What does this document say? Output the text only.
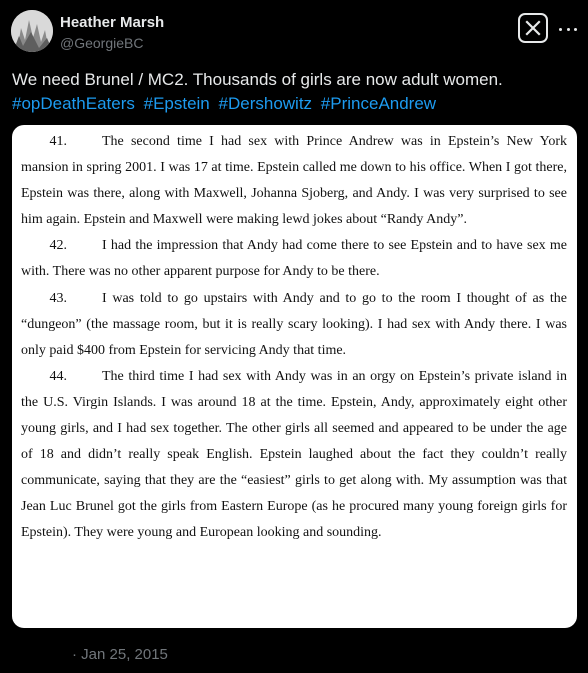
Heather Marsh
@GeorgieBC
We need Brunel / MC2. Thousands of girls are now adult women.
#opDeathEaters #Epstein #Dershowitz #PrinceAndrew
41.	The second time I had sex with Prince Andrew was in Epstein’s New York mansion in spring 2001. I was 17 at time. Epstein called me down to his office. When I got there, Epstein was there, along with Maxwell, Johanna Sjoberg, and Andy. I was very surprised to see him again. Epstein and Maxwell were making lewd jokes about “Randy Andy”.
42.	I had the impression that Andy had come there to see Epstein and to have sex me with. There was no other apparent purpose for Andy to be there.
43.	I was told to go upstairs with Andy and to go to the room I thought of as the “dungeon” (the massage room, but it is really scary looking). I had sex with Andy there. I was only paid $400 from Epstein for servicing Andy that time.
44.	The third time I had sex with Andy was in an orgy on Epstein’s private island in the U.S. Virgin Islands. I was around 18 at the time. Epstein, Andy, approximately eight other young girls, and I had sex together. The other girls all seemed and appeared to be under the age of 18 and didn’t really speak English. Epstein laughed about the fact they couldn’t really communicate, saying that they are the “easiest” girls to get along with. My assumption was that Jean Luc Brunel got the girls from Eastern Europe (as he procured many young foreign girls for Epstein). They were young and European looking and sounding.
· Jan 25, 2015
